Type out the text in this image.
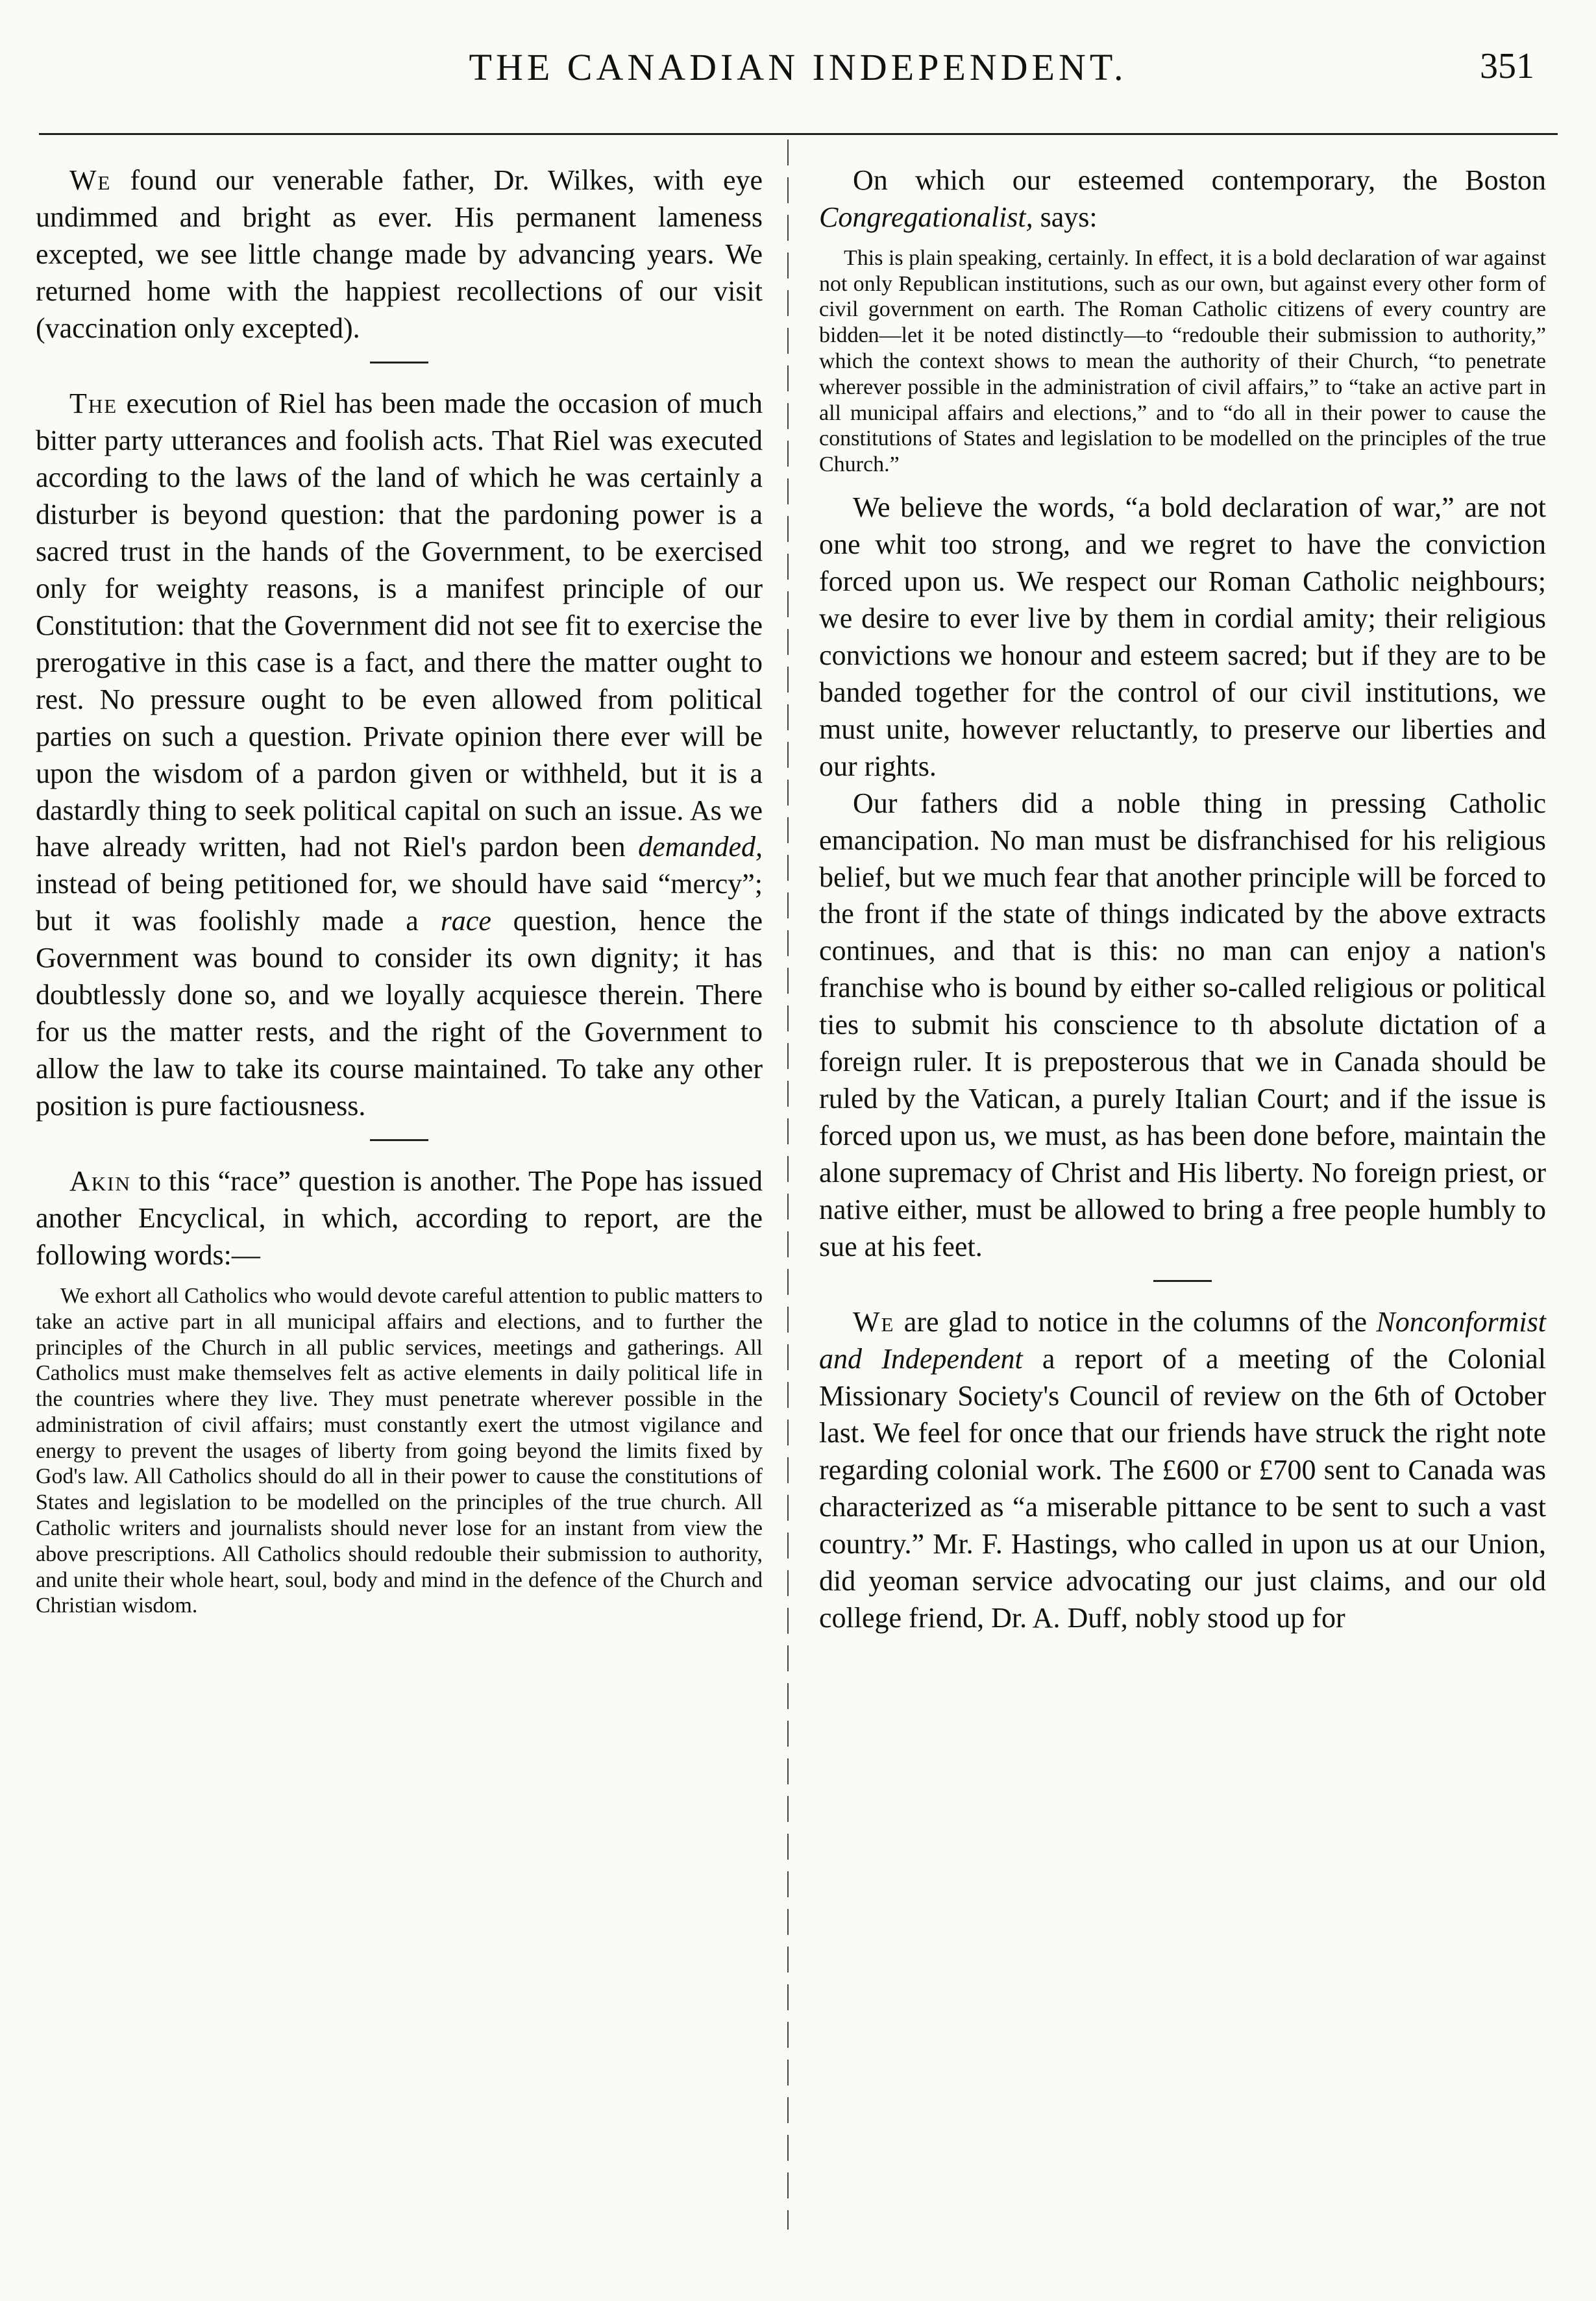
THE CANADIAN INDEPENDENT.	351

We found our venerable father, Dr. Wilkes, with eye undimmed and bright as ever. His permanent lameness excepted, we see little change made by advancing years. We returned home with the happiest recollections of our visit (vaccination only excepted).

The execution of Riel has been made the occasion of much bitter party utterances and foolish acts. That Riel was executed according to the laws of the land of which he was certainly a disturber is beyond question: that the pardoning power is a sacred trust in the hands of the Government, to be exercised only for weighty reasons, is a manifest principle of our Constitution: that the Government did not see fit to exercise the prerogative in this case is a fact, and there the matter ought to rest. No pressure ought to be even allowed from political parties on such a question. Private opinion there ever will be upon the wisdom of a pardon given or withheld, but it is a dastardly thing to seek political capital on such an issue. As we have already written, had not Riel's pardon been demanded, instead of being petitioned for, we should have said “mercy”; but it was foolishly made a race question, hence the Government was bound to consider its own dignity; it has doubtlessly done so, and we loyally acquiesce therein. There for us the matter rests, and the right of the Government to allow the law to take its course maintained. To take any other position is pure factiousness.

Akin to this “race” question is another. The Pope has issued another Encyclical, in which, according to report, are the following words:—

We exhort all Catholics who would devote careful attention to public matters to take an active part in all municipal affairs and elections, and to further the principles of the Church in all public services, meetings and gatherings. All Catholics must make themselves felt as active elements in daily political life in the countries where they live. They must penetrate wherever possible in the administration of civil affairs; must constantly exert the utmost vigilance and energy to prevent the usages of liberty from going beyond the limits fixed by God's law. All Catholics should do all in their power to cause the constitutions of States and legislation to be modelled on the principles of the true church. All Catholic writers and journalists should never lose for an instant from view the above prescriptions. All Catholics should redouble their submission to authority, and unite their whole heart, soul, body and mind in the defence of the Church and Christian wisdom.

On which our esteemed contemporary, the Boston Congregationalist, says:

This is plain speaking, certainly. In effect, it is a bold declaration of war against not only Republican institutions, such as our own, but against every other form of civil government on earth. The Roman Catholic citizens of every country are bidden—let it be noted distinctly—to “redouble their submission to authority,” which the context shows to mean the authority of their Church, “to penetrate wherever possible in the administration of civil affairs,” to “take an active part in all municipal affairs and elections,” and to “do all in their power to cause the constitutions of States and legislation to be modelled on the principles of the true Church.”

We believe the words, “a bold declaration of war,” are not one whit too strong, and we regret to have the conviction forced upon us. We respect our Roman Catholic neighbours; we desire to ever live by them in cordial amity; their religious convictions we honour and esteem sacred; but if they are to be banded together for the control of our civil institutions, we must unite, however reluctantly, to preserve our liberties and our rights.

Our fathers did a noble thing in pressing Catholic emancipation. No man must be disfranchised for his religious belief, but we much fear that another principle will be forced to the front if the state of things indicated by the above extracts continues, and that is this: no man can enjoy a nation's franchise who is bound by either so-called religious or political ties to submit his conscience to th absolute dictation of a foreign ruler. It is preposterous that we in Canada should be ruled by the Vatican, a purely Italian Court; and if the issue is forced upon us, we must, as has been done before, maintain the alone supremacy of Christ and His liberty. No foreign priest, or native either, must be allowed to bring a free people humbly to sue at his feet.

We are glad to notice in the columns of the Nonconformist and Independent a report of a meeting of the Colonial Missionary Society's Council of review on the 6th of October last. We feel for once that our friends have struck the right note regarding colonial work. The £600 or £700 sent to Canada was characterized as “a miserable pittance to be sent to such a vast country.” Mr. F. Hastings, who called in upon us at our Union, did yeoman service advocating our just claims, and our old college friend, Dr. A. Duff, nobly stood up for
